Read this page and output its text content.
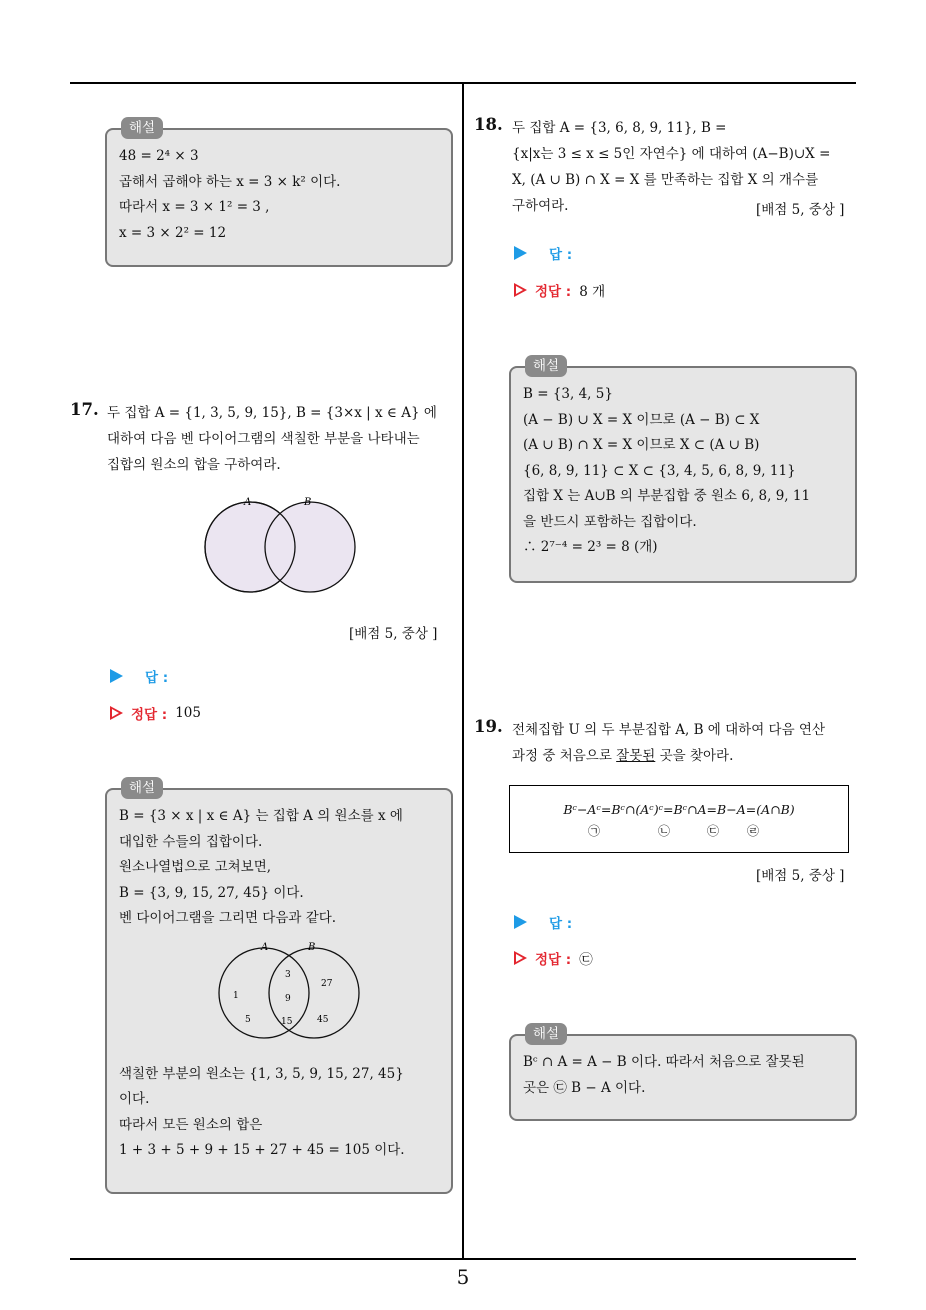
해설
48 = 2⁴ × 3
곱해서 곱해야 하는 x = 3 × k² 이다.
따라서 x = 3 × 1² = 3 ,
x = 3 × 2² = 12
17. 두 집합 A = {1, 3, 5, 9, 15}, B = {3×x | x ∈ A} 에
대하여 다음 벤 다이어그램의 색칠한 부분을 나타내는
집합의 원소의 합을 구하여라.
A	B
[배점 5, 중상 ]
답 :
정답 : 105
해설
B = {3 × x | x ∈ A} 는 집합 A 의 원소를 x 에
대입한 수들의 집합이다.
원소나열법으로 고쳐보면,
B = {3, 9, 15, 27, 45} 이다.
벤 다이어그램을 그리면 다음과 같다.
A	B
1
5
3
9
15
27
45
색칠한 부분의 원소는 {1, 3, 5, 9, 15, 27, 45}
이다.
따라서 모든 원소의 합은
1 + 3 + 5 + 9 + 15 + 27 + 45 = 105 이다.
18. 두 집합 A = {3, 6, 8, 9, 11}, B =
{x|x는 3 ≤ x ≤ 5인 자연수} 에 대하여 (A−B)∪X =
X, (A ∪ B) ∩ X = X 를 만족하는 집합 X 의 개수를
구하여라.	[배점 5, 중상 ]
답 :
정답 : 8 개
해설
B = {3, 4, 5}
(A − B) ∪ X = X 이므로 (A − B) ⊂ X
(A ∪ B) ∩ X = X 이므로 X ⊂ (A ∪ B)
{6, 8, 9, 11} ⊂ X ⊂ {3, 4, 5, 6, 8, 9, 11}
집합 X 는 A∪B 의 부분집합 중 원소 6, 8, 9, 11
을 반드시 포함하는 집합이다.
∴ 2⁷⁻⁴ = 2³ = 8 (개)
19. 전체집합 U 의 두 부분집합 A, B 에 대하여 다음 연산
과정 중 처음으로 잘못된 곳을 찾아라.
Bᶜ−Aᶜ=Bᶜ∩(Aᶜ)ᶜ=Bᶜ∩A=B−A=(A∩B)
㉠	㉡	㉢ ㉣
[배점 5, 중상 ]
답 :
정답 : ㉢
해설
Bᶜ ∩ A = A − B 이다. 따라서 처음으로 잘못된
곳은 ㉢ B − A 이다.
5
